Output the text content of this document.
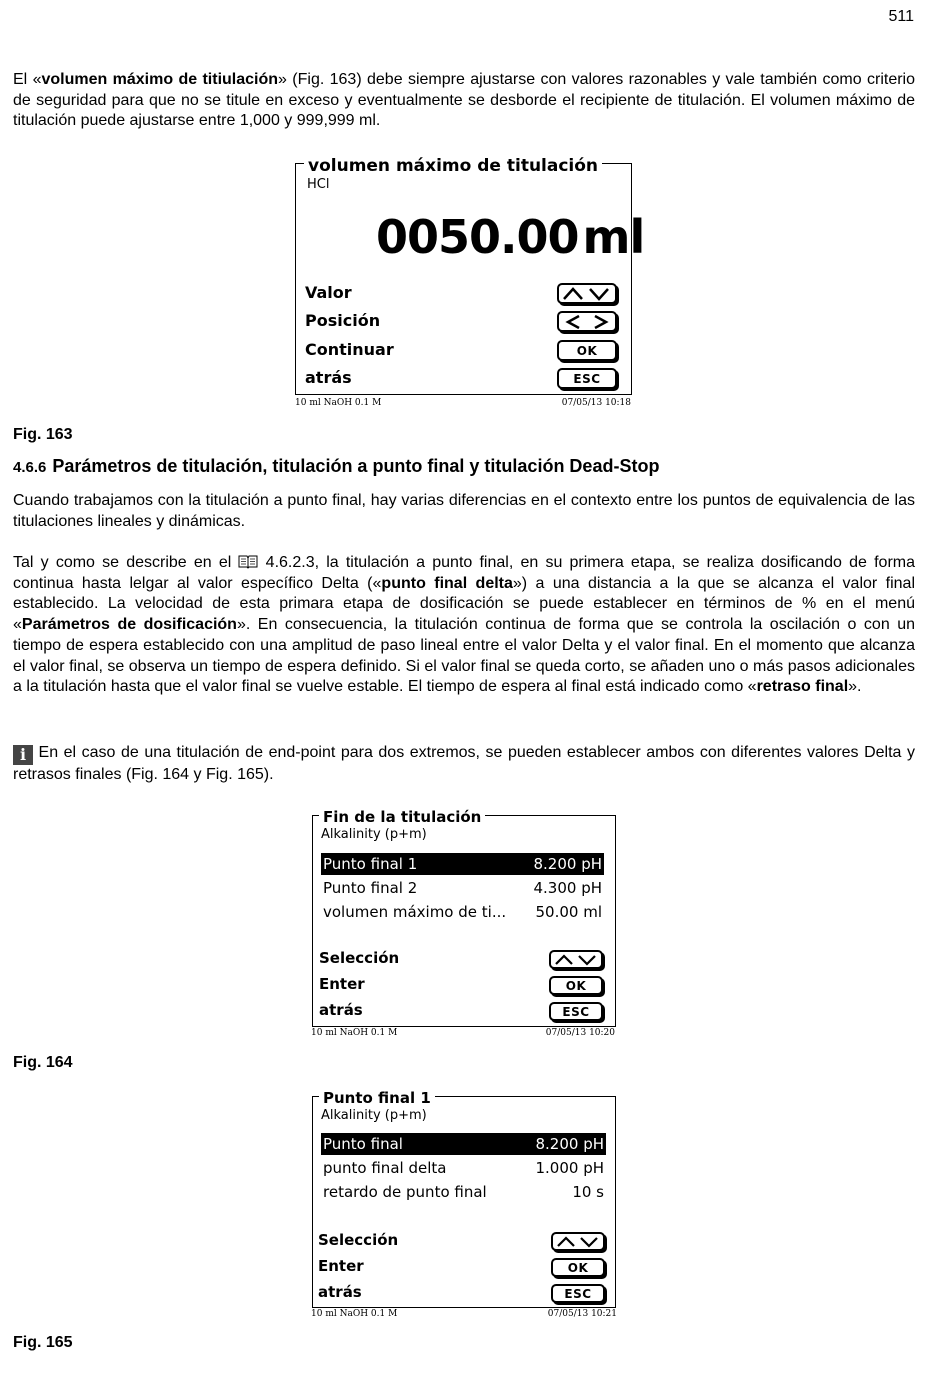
511

El «volumen máximo de titiulación» (Fig. 163) debe siempre ajustarse con valores razonables y vale también como criterio de seguridad para que no se titule en exceso y eventualmente se desborde el recipiente de titulación. El volumen máximo de titulación puede ajustarse entre 1,000 y 999,999 ml.

volumen máximo de titulación
HCl
0050.00ml
Valor
Posición
Continuar
atrás
OK
ESC
10 ml NaOH 0.1 M	07/05/13 10:18
Fig. 163
4.6.6 Parámetros de titulación, titulación a punto final y titulación Dead-Stop

Cuando trabajamos con la titulación a punto final, hay varias diferencias en el contexto entre los puntos de equivalencia de las titulaciones lineales y dinámicas.

Tal y como se describe en el  4.6.2.3, la titulación a punto final, en su primera etapa, se realiza dosificando de forma continua hasta lelgar al valor específico Delta («punto final delta») a una distancia a la que se alcanza el valor final establecido. La velocidad de esta primara etapa de dosificación se puede establecer en términos de % en el menú «Parámetros de dosificación». En consecuencia, la titulación continua de forma que se controla la oscilación o con un tiempo de espera establecido con una amplitud de paso lineal entre el valor Delta y el valor final. En el momento que alcanza el valor final, se observa un tiempo de espera definido. Si el valor final se queda corto, se añaden uno o más pasos adicionales a la titulación hasta que el valor final se vuelve estable. El tiempo de espera al final está indicado como «retraso final».

i En el caso de una titulación de end-point para dos extremos, se pueden establecer ambos con diferentes valores Delta y retrasos finales (Fig. 164 y Fig. 165).

Fin de la titulación
Alkalinity (p+m)
Punto final 1	8.200 pH
Punto final 2	4.300 pH
volumen máximo de ti... 50.00 ml
Selección
Enter
atrás
OK
ESC
10 ml NaOH 0.1 M	07/05/13 10:20
Fig. 164
Punto final 1
Alkalinity (p+m)
Punto final	8.200 pH
punto final delta	1.000 pH
retardo de punto final	10 s
Selección
Enter
atrás
OK
ESC
10 ml NaOH 0.1 M	07/05/13 10:21
Fig. 165
